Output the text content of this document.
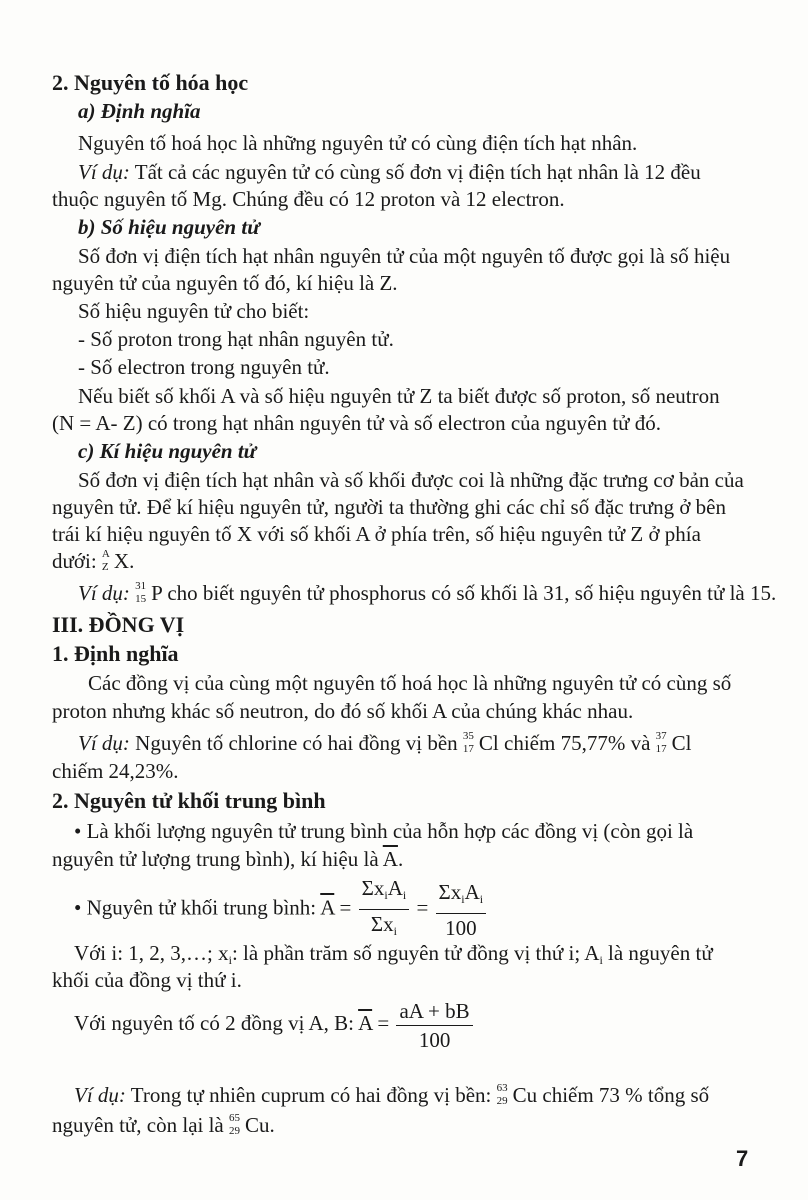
2. Nguyên tố hóa học
a) Định nghĩa
Nguyên tố hoá học là những nguyên tử có cùng điện tích hạt nhân.
Ví dụ: Tất cả các nguyên tử có cùng số đơn vị điện tích hạt nhân là 12 đều
thuộc nguyên tố Mg. Chúng đều có 12 proton và 12 electron.
b) Số hiệu nguyên tử
Số đơn vị điện tích hạt nhân nguyên tử của một nguyên tố được gọi là số hiệu
nguyên tử của nguyên tố đó, kí hiệu là Z.
Số hiệu nguyên tử cho biết:
- Số proton trong hạt nhân nguyên tử.
- Số electron trong nguyên tử.
Nếu biết số khối A và số hiệu nguyên tử Z ta biết được số proton, số neutron
(N = A- Z) có trong hạt nhân nguyên tử và số electron của nguyên tử đó.
c) Kí hiệu nguyên tử
Số đơn vị điện tích hạt nhân và số khối được coi là những đặc trưng cơ bản của
nguyên tử. Để kí hiệu nguyên tử, người ta thường ghi các chỉ số đặc trưng ở bên
trái kí hiệu nguyên tố X với số khối A ở phía trên, số hiệu nguyên tử Z ở phía
dưới: A
Z X.
Ví dụ: 31
15 P cho biết nguyên tử phosphorus có số khối là 31, số hiệu nguyên tử là 15.
III. ĐỒNG VỊ
1. Định nghĩa
Các đồng vị của cùng một nguyên tố hoá học là những nguyên tử có cùng số
proton nhưng khác số neutron, do đó số khối A của chúng khác nhau.
Ví dụ: Nguyên tố chlorine có hai đồng vị bền 35
17 Cl chiếm 75,77% và 37
17 Cl
chiếm 24,23%.
2. Nguyên tử khối trung bình
• Là khối lượng nguyên tử trung bình của hỗn hợp các đồng vị (còn gọi là
nguyên tử lượng trung bình), kí hiệu là $\overline{A}$.
• Nguyên tử khối trung bình: $\overline{A} = \frac{\Sigma x_iA_i}{\Sigma x_i} = \frac{\Sigma x_iA_i}{100}$
Với i: 1, 2, 3,…; $x_i$: là phần trăm số nguyên tử đồng vị thứ i; $A_i$ là nguyên tử
khối của đồng vị thứ i.
Với nguyên tố có 2 đồng vị A, B: $\overline{A} = \frac{aA + bB}{100}$
Ví dụ: Trong tự nhiên cuprum có hai đồng vị bền: 63
29 Cu chiếm 73 % tổng số
nguyên tử, còn lại là 65
29 Cu.
7
